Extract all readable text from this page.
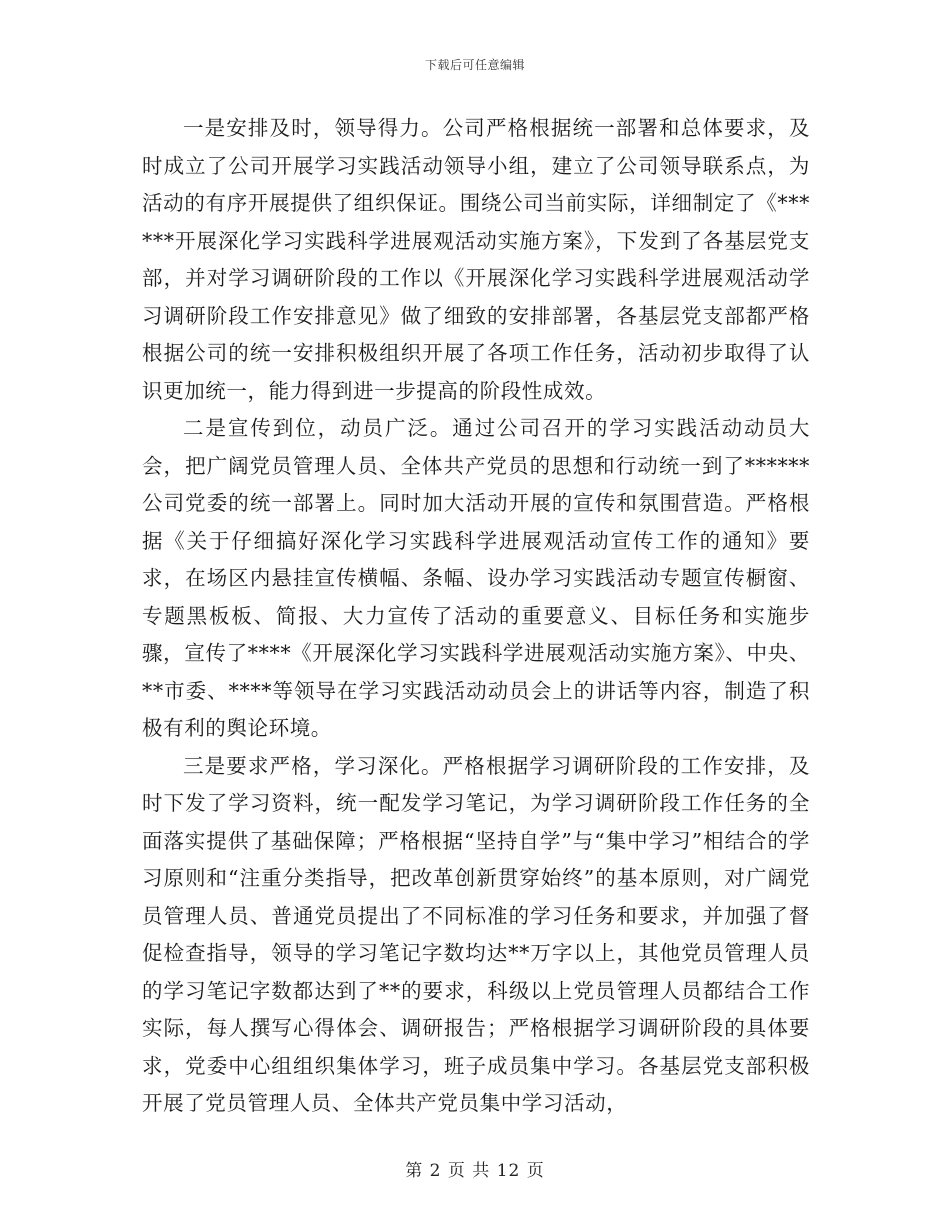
下载后可任意编辑

一是安排及时，领导得力。公司严格根据统一部署和总体要求，及时成立了公司开展学习实践活动领导小组，建立了公司领导联系点，为活动的有序开展提供了组织保证。围绕公司当前实际，详细制定了《******开展深化学习实践科学进展观活动实施方案》，下发到了各基层党支部，并对学习调研阶段的工作以《开展深化学习实践科学进展观活动学习调研阶段工作安排意见》做了细致的安排部署，各基层党支部都严格根据公司的统一安排积极组织开展了各项工作任务，活动初步取得了认识更加统一，能力得到进一步提高的阶段性成效。

二是宣传到位，动员广泛。通过公司召开的学习实践活动动员大会，把广阔党员管理人员、全体共产党员的思想和行动统一到了******公司党委的统一部署上。同时加大活动开展的宣传和氛围营造。严格根据《关于仔细搞好深化学习实践科学进展观活动宣传工作的通知》要求，在场区内悬挂宣传横幅、条幅、设办学习实践活动专题宣传橱窗、专题黑板板、简报、大力宣传了活动的重要意义、目标任务和实施步骤，宣传了****《开展深化学习实践科学进展观活动实施方案》、中央、**市委、****等领导在学习实践活动动员会上的讲话等内容，制造了积极有利的舆论环境。

三是要求严格，学习深化。严格根据学习调研阶段的工作安排，及时下发了学习资料，统一配发学习笔记，为学习调研阶段工作任务的全面落实提供了基础保障；严格根据“坚持自学”与“集中学习”相结合的学习原则和“注重分类指导，把改革创新贯穿始终”的基本原则，对广阔党员管理人员、普通党员提出了不同标准的学习任务和要求，并加强了督促检查指导，领导的学习笔记字数均达**万字以上，其他党员管理人员的学习笔记字数都达到了**的要求，科级以上党员管理人员都结合工作实际，每人撰写心得体会、调研报告；严格根据学习调研阶段的具体要求，党委中心组组织集体学习，班子成员集中学习。各基层党支部积极开展了党员管理人员、全体共产党员集中学习活动，

第 2 页 共 12 页
